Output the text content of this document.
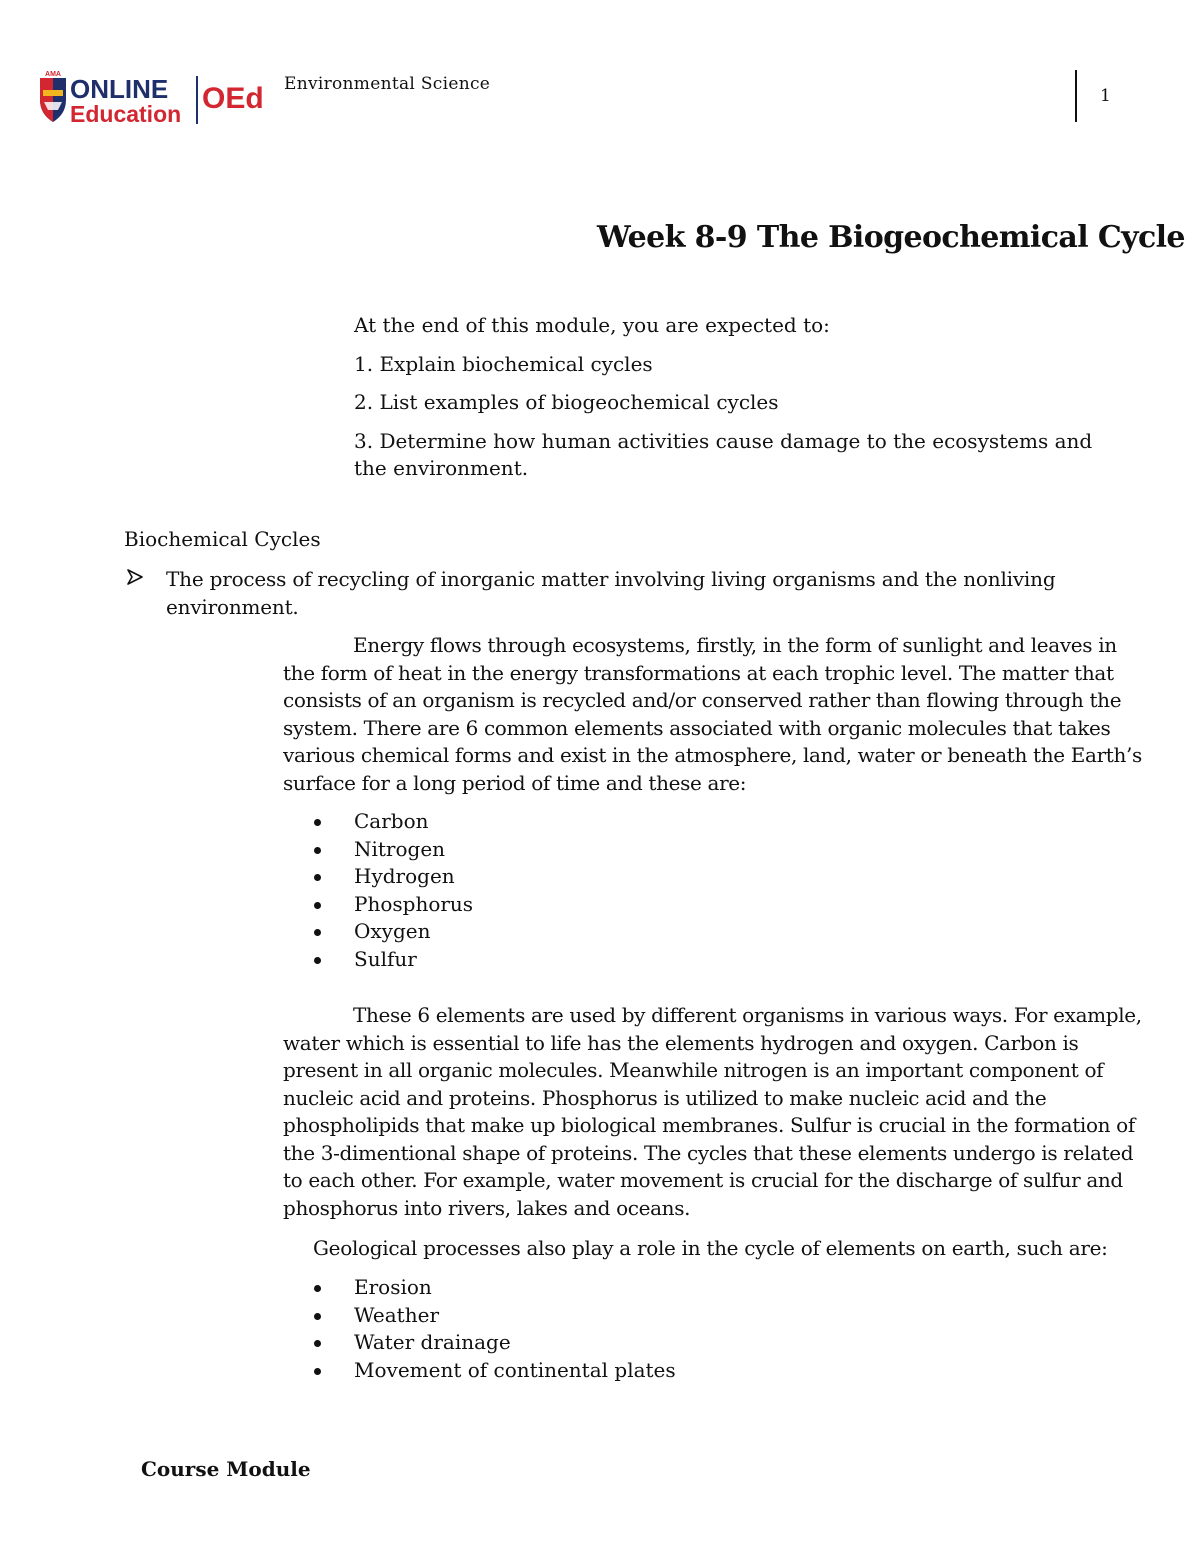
AMA ONLINE
Education OEd Environmental Science
1
Week 8-9 The Biogeochemical Cycle

At the end of this module, you are expected to:

1. Explain biochemical cycles

2. List examples of biogeochemical cycles

3. Determine how human activities cause damage to the ecosystems and the environment.

Biochemical Cycles
The process of recycling of inorganic matter involving living organisms and the nonliving environment.
Energy flows through ecosystems, firstly, in the form of sunlight and leaves in the form of heat in the energy transformations at each trophic level. The matter that consists of an organism is recycled and/or conserved rather than flowing through the system. There are 6 common elements associated with organic molecules that takes various chemical forms and exist in the atmosphere, land, water or beneath the Earth’s surface for a long period of time and these are:
Carbon
Nitrogen
Hydrogen
Phosphorus
Oxygen
Sulfur
These 6 elements are used by different organisms in various ways. For example, water which is essential to life has the elements hydrogen and oxygen. Carbon is present in all organic molecules. Meanwhile nitrogen is an important component of nucleic acid and proteins. Phosphorus is utilized to make nucleic acid and the phospholipids that make up biological membranes. Sulfur is crucial in the formation of the 3-dimentional shape of proteins. The cycles that these elements undergo is related to each other. For example, water movement is crucial for the discharge of sulfur and phosphorus into rivers, lakes and oceans.
Geological processes also play a role in the cycle of elements on earth, such are:
Erosion
Weather
Water drainage
Movement of continental plates
Course Module
